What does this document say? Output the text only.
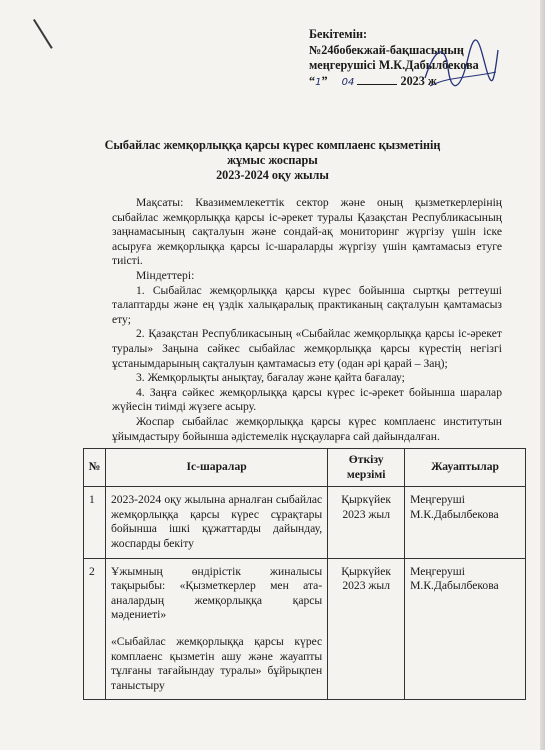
Бекітемін:
№24бобекжай-бақшасының
меңгерушісі М.К.Дабылбекова
“1” 04	2023 ж
Сыбайлас жемқорлыққа қарсы күрес комплаенс қызметінің
жұмыс жоспары
2023-2024 оқу жылы

Мақсаты: Квазимемлекеттік сектор және оның қызметкерлерінің сыбайлас жемқорлыққа қарсы іс-әрекет туралы Қазақстан Республикасының заңнамасының сақталуын және сондай-ақ мониторинг жүргізу үшін іске асыруға жемқорлыққа қарсы іс-шараларды жүргізу үшін қамтамасыз етуге тиісті.

Міндеттері:

1. Сыбайлас жемқорлыққа қарсы күрес бойынша сыртқы реттеуші талаптарды және ең үздік халықаралық практиканың сақталуын қамтамасыз ету;

2. Қазақстан Республикасының «Сыбайлас жемқорлыққа қарсы іс-әрекет туралы» Заңына сәйкес сыбайлас жемқорлыққа қарсы күрестің негізгі ұстанымдарының сақталуын қамтамасыз ету (одан әрі қарай – Заң);

3. Жемқорлықты анықтау, бағалау және қайта бағалау;

4. Заңға сәйкес жемқорлыққа қарсы күрес іс-әрекет бойынша шаралар жүйесін тиімді жүзеге асыру.

Жоспар сыбайлас жемқорлыққа қарсы күрес комплаенс институтын ұйымдастыру бойынша әдістемелік нұсқауларға сай дайындалған.

№	Іс-шаралар	Өткізу мерзімі	Жауаптылар
1	2023-2024 оқу жылына арналған сыбайлас жемқорлыққа қарсы күрес сұрақтары бойынша ішкі құжаттарды дайындау, жоспарды бекіту	Қыркүйек 2023 жыл	Меңгеруші М.К.Дабылбекова
2	Ұжымның өндірістік жиналысы тақырыбы: «Қызметкерлер мен ата-аналардың жемқорлыққа қарсы мәдениеті»
«Сыбайлас жемқорлыққа қарсы күрес комплаенс қызметін ашу және жауапты тұлғаны тағайындау туралы» бұйрықпен таныстыру	Қыркүйек 2023 жыл	Меңгеруші М.К.Дабылбекова
